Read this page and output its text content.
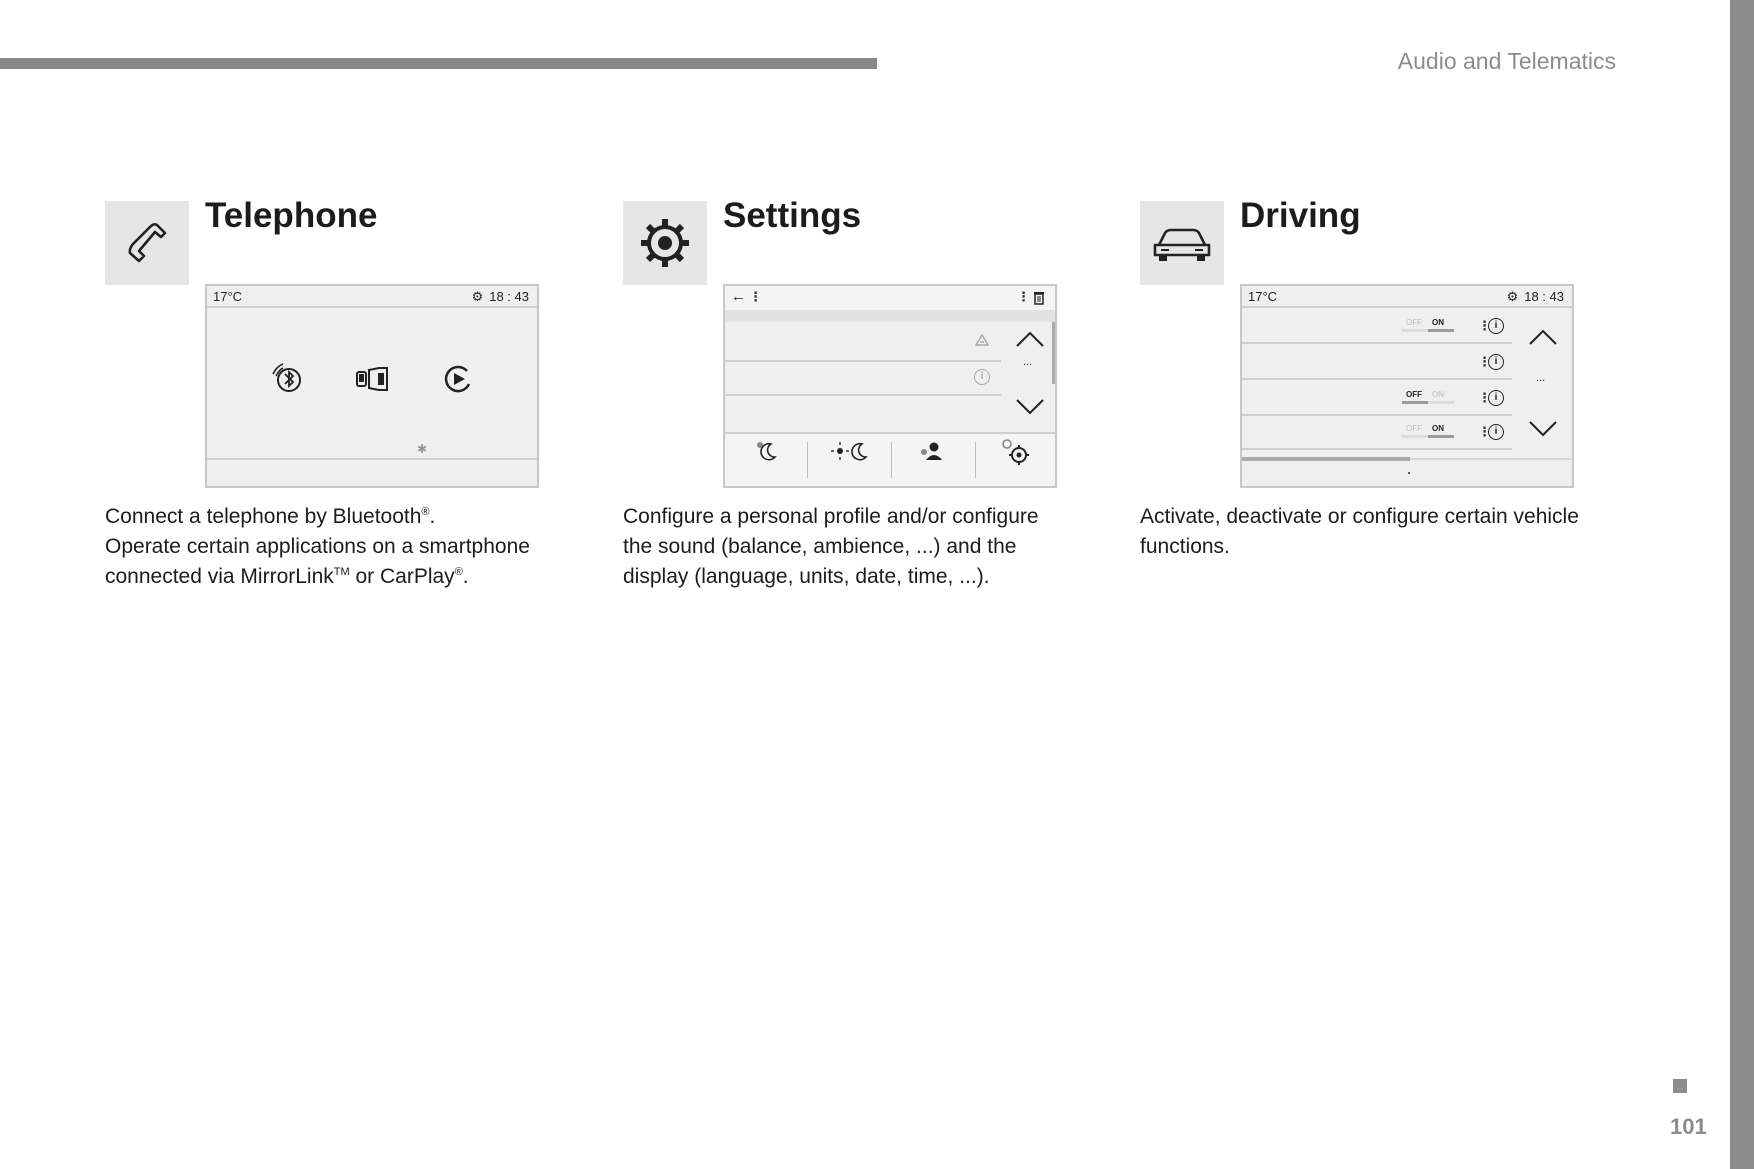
Audio and Telematics
101
Telephone
17°C	⚙ 18 : 43
✱
Connect a telephone by Bluetooth®.
Operate certain applications on a smartphone
connected via MirrorLink™ or CarPlay®.
Settings
← ⋮	⋮
i
...
Configure a personal profile and/or configure
the sound (balance, ambience, ...) and the
display (language, units, date, time, ...).
Driving
17°C	⚙ 18 : 43
OFF ON	⋮ i
⋮ i
OFF ON	⋮ i
OFF ON	⋮ i
...
Activate, deactivate or configure certain vehicle
functions.
